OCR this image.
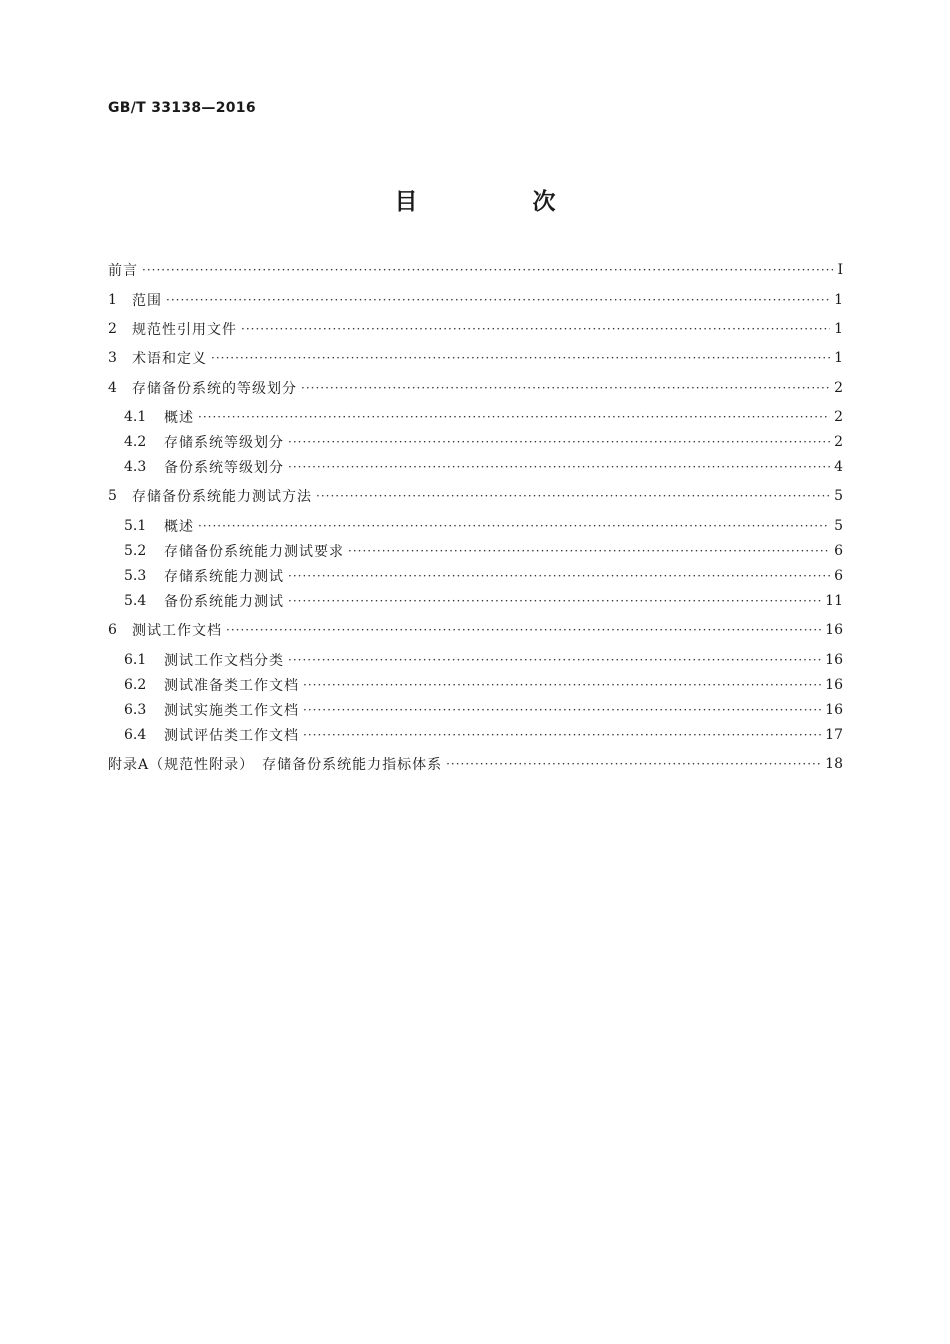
GB/T 33138—2016
目　次
前言 ·····	Ⅰ
1	范围 ·····	1
2	规范性引用文件 ·····	1
3	术语和定义 ·····	1
4	存储备份系统的等级划分 ·····	2
4.1	概述 ·····	2
4.2	存储系统等级划分 ·····	2
4.3	备份系统等级划分 ·····	4
5	存储备份系统能力测试方法 ·····	5
5.1	概述 ·····	5
5.2	存储备份系统能力测试要求 ·····	6
5.3	存储系统能力测试 ·····	6
5.4	备份系统能力测试 ·····	11
6	测试工作文档 ·····	16
6.1	测试工作文档分类 ·····	16
6.2	测试准备类工作文档 ·····	16
6.3	测试实施类工作文档 ·····	16
6.4	测试评估类工作文档 ·····	17
附录A（规范性附录）　存储备份系统能力指标体系 ·····	18
